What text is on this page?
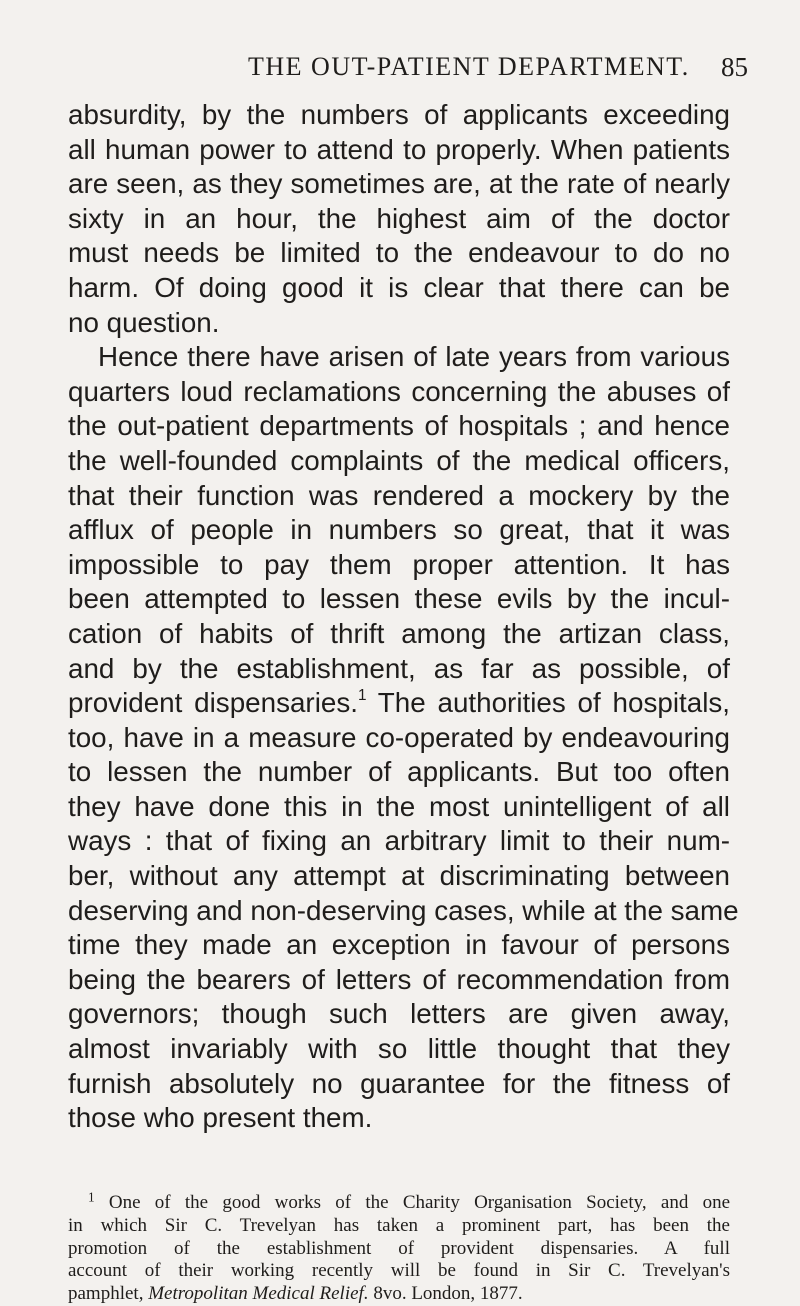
THE OUT-PATIENT DEPARTMENT. 85
absurdity, by the numbers of applicants exceeding
all human power to attend to properly. When patients
are seen, as they sometimes are, at the rate of nearly
sixty in an hour, the highest aim of the doctor
must needs be limited to the endeavour to do no
harm. Of doing good it is clear that there can be
no question.
Hence there have arisen of late years from various
quarters loud reclamations concerning the abuses of
the out-patient departments of hospitals ; and hence
the well-founded complaints of the medical officers,
that their function was rendered a mockery by the
afflux of people in numbers so great, that it was
impossible to pay them proper attention. It has
been attempted to lessen these evils by the incul-
cation of habits of thrift among the artizan class,
and by the establishment, as far as possible, of
provident dispensaries.$^1$ The authorities of hospitals,
too, have in a measure co-operated by endeavouring
to lessen the number of applicants. But too often
they have done this in the most unintelligent of all
ways : that of fixing an arbitrary limit to their num-
ber, without any attempt at discriminating between
deserving and non-deserving cases, while at the same
time they made an exception in favour of persons
being the bearers of letters of recommendation from
governors; though such letters are given away,
almost invariably with so little thought that they
furnish absolutely no guarantee for the fitness of
those who present them.
$^1$ One of the good works of the Charity Organisation Society, and one
in which Sir C. Trevelyan has taken a prominent part, has been the
promotion of the establishment of provident dispensaries. A full
account of their working recently will be found in Sir C. Trevelyan's
pamphlet, Metropolitan Medical Relief. 8vo. London, 1877.
